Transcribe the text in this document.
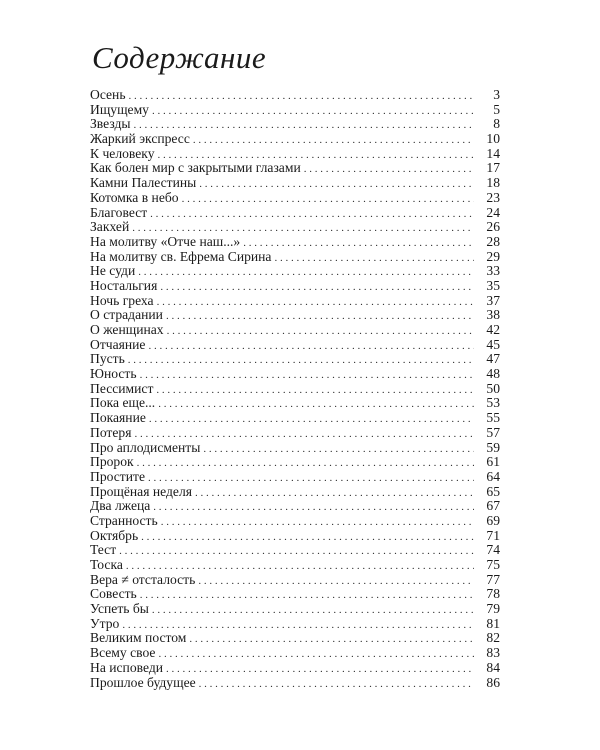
Содержание
Осень . . .	3
Ищущему . . .	5
Звезды . . .	8
Жаркий экспресс . . .	10
К человеку . . .	14
Как болен мир с закрытыми глазами . . .	17
Камни Палестины . . .	18
Котомка в небо . . .	23
Благовест . . .	24
Закхей . . .	26
На молитву «Отче наш...» . . .	28
На молитву св. Ефрема Сирина . . .	29
Не суди . . .	33
Ностальгия . . .	35
Ночь греха . . .	37
О страдании . . .	38
О женщинах . . .	42
Отчаяние . . .	45
Пусть . . .	47
Юность . . .	48
Пессимист . . .	50
Пока еще... . . .	53
Покаяние . . .	55
Потеря . . .	57
Про аплодисменты . . .	59
Пророк . . .	61
Простите . . .	64
Прощёная неделя . . .	65
Два лжеца . . .	67
Странность . . .	69
Октябрь . . .	71
Тест . . .	74
Тоска . . .	75
Вера ≠ отсталость . . .	77
Совесть . . .	78
Успеть бы . . .	79
Утро . . .	81
Великим постом . . .	82
Всему свое . . .	83
На исповеди . . .	84
Прошлое будущее . . .	86
